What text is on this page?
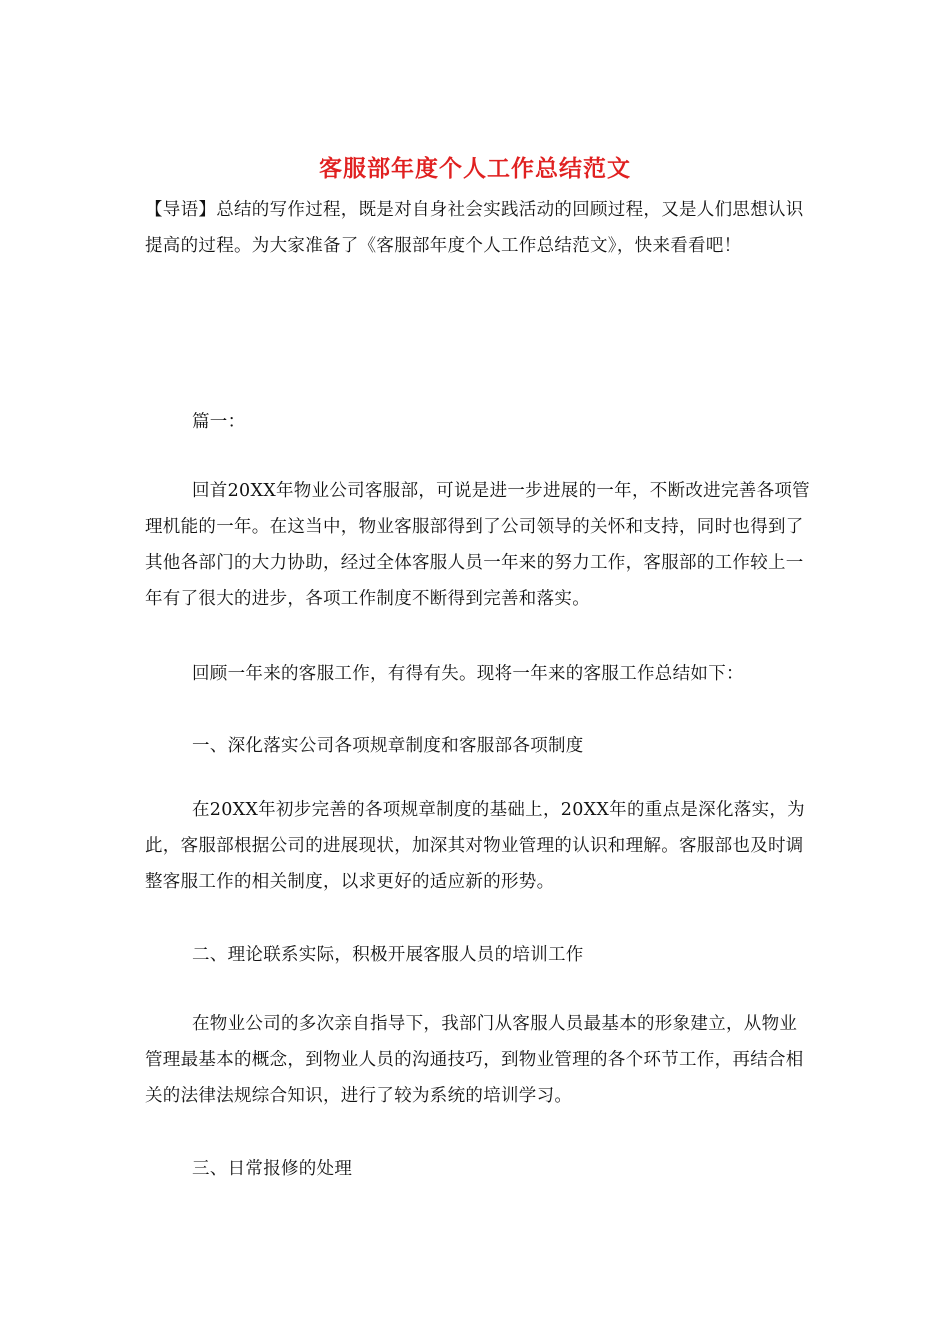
客服部年度个人工作总结范文
【导语】总结的写作过程，既是对自身社会实践活动的回顾过程，又是人们思想认识提高的过程。为大家准备了《客服部年度个人工作总结范文》，快来看看吧！
篇一：
回首20XX年物业公司客服部，可说是进一步进展的一年，不断改进完善各项管理机能的一年。在这当中，物业客服部得到了公司领导的关怀和支持，同时也得到了其他各部门的大力协助，经过全体客服人员一年来的努力工作，客服部的工作较上一年有了很大的进步，各项工作制度不断得到完善和落实。
回顾一年来的客服工作，有得有失。现将一年来的客服工作总结如下：
一、深化落实公司各项规章制度和客服部各项制度
在20XX年初步完善的各项规章制度的基础上，20XX年的重点是深化落实，为此，客服部根据公司的进展现状，加深其对物业管理的认识和理解。客服部也及时调整客服工作的相关制度，以求更好的适应新的形势。
二、理论联系实际，积极开展客服人员的培训工作
在物业公司的多次亲自指导下，我部门从客服人员最基本的形象建立，从物业管理最基本的概念，到物业人员的沟通技巧，到物业管理的各个环节工作，再结合相关的法律法规综合知识，进行了较为系统的培训学习。
三、日常报修的处理
